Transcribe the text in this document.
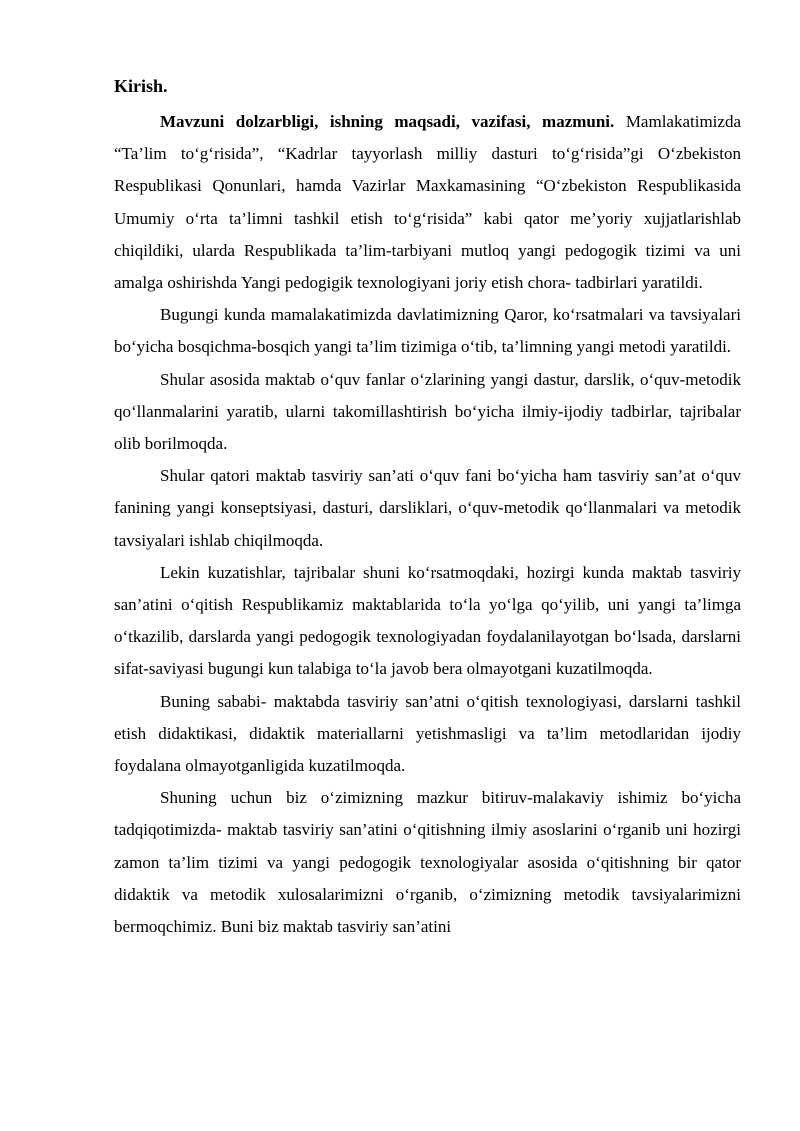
Kirish.

Mavzuni dolzarbligi, ishning maqsadi, vazifasi, mazmuni. Mamlakatimizda “Ta’lim to‘g‘risida”, “Kadrlar tayyorlash milliy dasturi to‘g‘risida”gi O‘zbekiston Respublikasi Qonunlari, hamda Vazirlar Maxkamasining “O‘zbekiston Respublikasida Umumiy o‘rta ta’limni tashkil etish to‘g‘risida” kabi qator me’yoriy xujjatlarishlab chiqildiki, ularda Respublikada ta’lim-tarbiyani mutloq yangi pedogogik tizimi va uni amalga oshirishda Yangi pedogigik texnologiyani joriy etish chora- tadbirlari yaratildi.

Bugungi kunda mamalakatimizda davlatimizning Qaror, ko‘rsatmalari va tavsiyalari bo‘yicha bosqichma-bosqich yangi ta’lim tizimiga o‘tib, ta’limning yangi metodi yaratildi.

Shular asosida maktab o‘quv fanlar o‘zlarining yangi dastur, darslik, o‘quv-metodik qo‘llanmalarini yaratib, ularni takomillashtirish bo‘yicha ilmiy-ijodiy tadbirlar, tajribalar olib borilmoqda.

Shular qatori maktab tasviriy san’ati o‘quv fani bo‘yicha ham tasviriy san’at o‘quv fanining yangi konseptsiyasi, dasturi, darsliklari, o‘quv-metodik qo‘llanmalari va metodik tavsiyalari ishlab chiqilmoqda.

Lekin kuzatishlar, tajribalar shuni ko‘rsatmoqdaki, hozirgi kunda maktab tasviriy san’atini o‘qitish Respublikamiz maktablarida to‘la yo‘lga qo‘yilib, uni yangi ta’limga o‘tkazilib, darslarda yangi pedogogik texnologiyadan foydalanilayotgan bo‘lsada, darslarni sifat-saviyasi bugungi kun talabiga to‘la javob bera olmayotgani kuzatilmoqda.

Buning sababi- maktabda tasviriy san’atni o‘qitish texnologiyasi, darslarni tashkil etish didaktikasi, didaktik materiallarni yetishmasligi va ta’lim metodlaridan ijodiy foydalana olmayotganligida kuzatilmoqda.

Shuning uchun biz o‘zimizning mazkur bitiruv-malakaviy ishimiz bo‘yicha tadqiqotimizda- maktab tasviriy san’atini o‘qitishning ilmiy asoslarini o‘rganib uni hozirgi zamon ta’lim tizimi va yangi pedogogik texnologiyalar asosida o‘qitishning bir qator didaktik va metodik xulosalarimizni o‘rganib, o‘zimizning metodik tavsiyalarimizni bermoqchimiz. Buni biz maktab tasviriy san’atini
